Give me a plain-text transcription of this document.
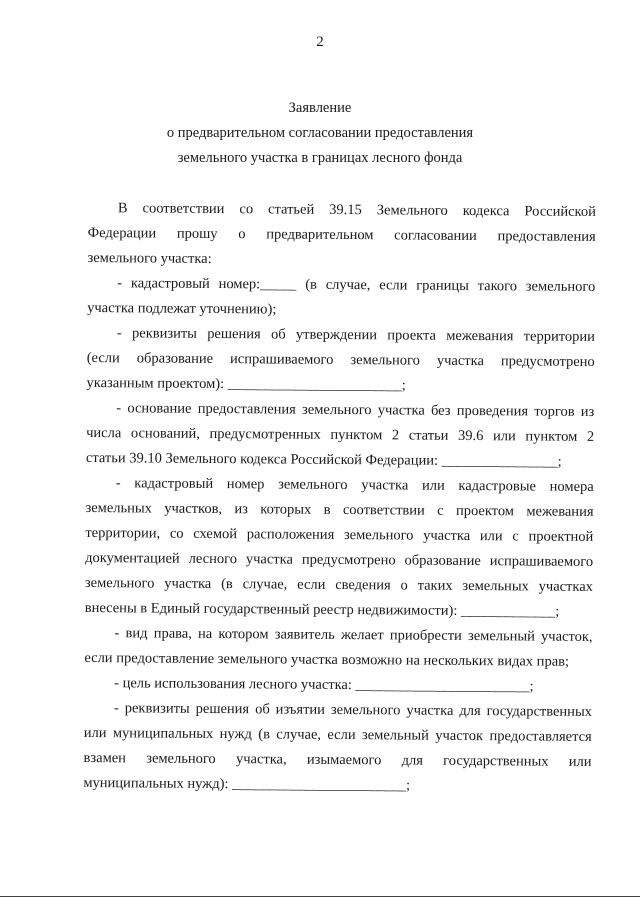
2
Заявление
о предварительном согласовании предоставления
земельного участка в границах лесного фонда
В соответствии со статьей 39.15 Земельного кодекса Российской
Федерации прошу о предварительном согласовании предоставления
земельного участка:
- кадастровый номер:_____ (в случае, если границы такого земельного
участка подлежат уточнению);
- реквизиты решения об утверждении проекта межевания территории
(если образование испрашиваемого земельного участка предусмотрено
указанным проектом): ________________________;
- основание предоставления земельного участка без проведения торгов из
числа оснований, предусмотренных пунктом 2 статьи 39.6 или пунктом 2
статьи 39.10 Земельного кодекса Российской Федерации: ________________;
- кадастровый номер земельного участка или кадастровые номера
земельных участков, из которых в соответствии с проектом межевания
территории, со схемой расположения земельного участка или с проектной
документацией лесного участка предусмотрено образование испрашиваемого
земельного участка (в случае, если сведения о таких земельных участках
внесены в Единый государственный реестр недвижимости): _____________;
- вид права, на котором заявитель желает приобрести земельный участок,
если предоставление земельного участка возможно на нескольких видах прав;
- цель использования лесного участка: ________________________;
- реквизиты решения об изъятии земельного участка для государственных
или муниципальных нужд (в случае, если земельный участок предоставляется
взамен земельного участка, изымаемого для государственных или
муниципальных нужд): ________________________;
